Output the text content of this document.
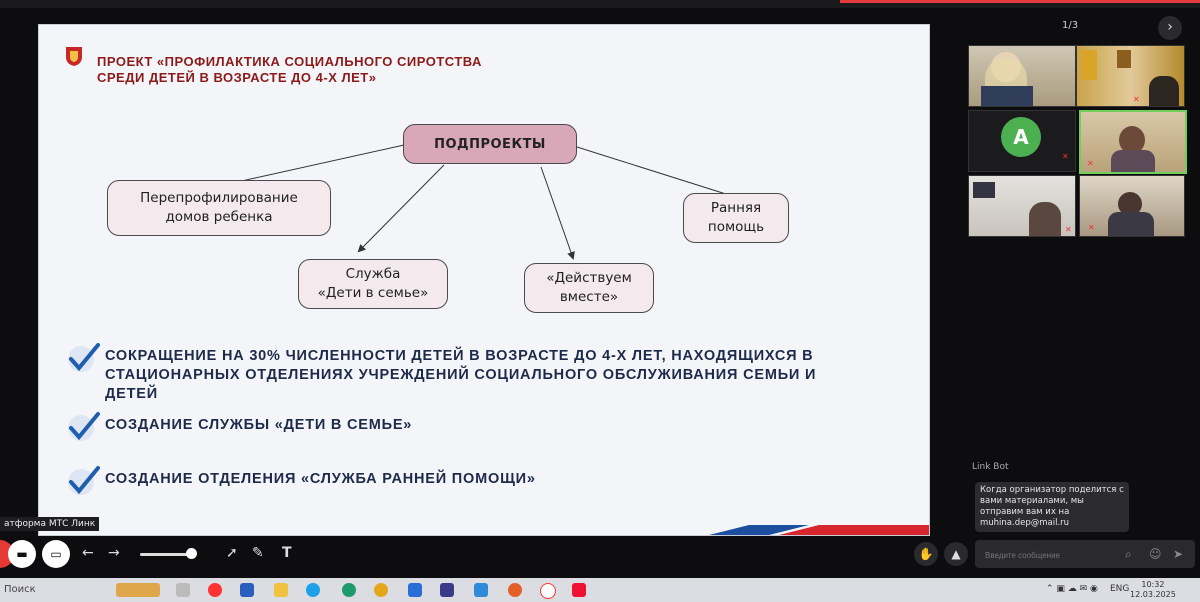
1/3	›
ПРОЕКТ «ПРОФИЛАКТИКА СОЦИАЛЬНОГО СИРОТСТВА
СРЕДИ ДЕТЕЙ В ВОЗРАСТЕ ДО 4-Х ЛЕТ»
ПОДПРОЕКТЫ
Перепрофилирование
домов ребенка
Служба
«Дети в семье»
«Действуем
вместе»
Ранняя
помощь
СОКРАЩЕНИЕ НА 30% ЧИСЛЕННОСТИ ДЕТЕЙ В ВОЗРАСТЕ ДО 4-Х ЛЕТ, НАХОДЯЩИХСЯ В
СТАЦИОНАРНЫХ ОТДЕЛЕНИЯХ УЧРЕЖДЕНИЙ СОЦИАЛЬНОГО ОБСЛУЖИВАНИЯ СЕМЬИ И
ДЕТЕЙ
СОЗДАНИЕ СЛУЖБЫ «ДЕТИ В СЕМЬЕ»
СОЗДАНИЕ ОТДЕЛЕНИЯ «СЛУЖБА РАННЕЙ ПОМОЩИ»
✕
A
✕
✕
✕ ✕
Link Bot
Когда организатор поделится с вами материалами, мы отправим вам их на muhina.dep@mail.ru
Введите сообщение
⌕ ☺ ➤
атформа МТС Линк
▬	▭	← →	➚ ✎ T	✋	▲
Поиск	⌃ ▣ ☁ ✉ ◉ ENG	10:32
12.03.2025
